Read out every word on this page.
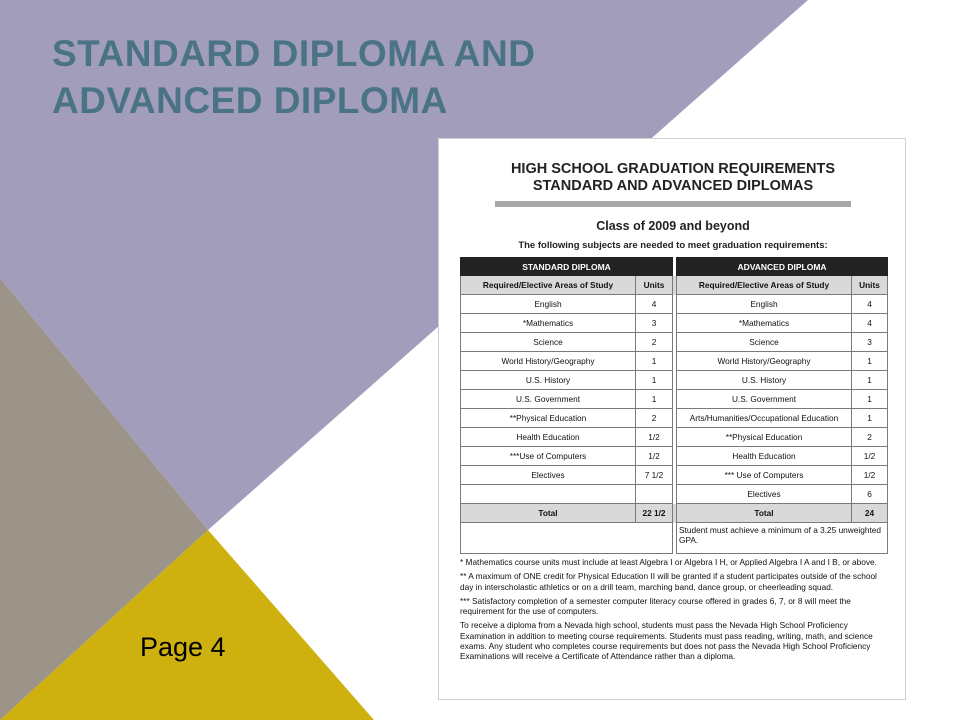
STANDARD DIPLOMA AND
ADVANCED DIPLOMA
Page 4
HIGH SCHOOL GRADUATION REQUIREMENTS
STANDARD AND ADVANCED DIPLOMAS
Class of 2009 and beyond
The following subjects are needed to meet graduation requirements:
STANDARD DIPLOMA			ADVANCED DIPLOMA	
Required/Elective Areas of Study	Units		Required/Elective Areas of Study	Units
English	4		English	4
*Mathematics	3		*Mathematics	4
Science	2		Science	3
World History/Geography	1		World History/Geography	1
U.S. History	1		U.S. History	1
U.S. Government	1		U.S. Government	1
**Physical Education	2		Arts/Humanities/Occupational Education	1
Health Education	1/2		**Physical Education	2
***Use of Computers	1/2		Health Education	1/2
Electives	7 1/2		*** Use of Computers	1/2
			Electives	6
Total	22 1/2		Total	24
			Student must achieve a minimum of a 3.25 unweighted GPA.	

* Mathematics course units must include at least Algebra I or Algebra I H, or Applied Algebra I A and I B, or above.

** A maximum of ONE credit for Physical Education II will be granted if a student participates outside of the school day in interscholastic athletics or on a drill team, marching band, dance group, or cheerleading squad.

*** Satisfactory completion of a semester computer literacy course offered in grades 6, 7, or 8 will meet the requirement for the use of computers.

To receive a diploma from a Nevada high school, students must pass the Nevada High School Proficiency Examination in addition to meeting course requirements. Students must pass reading, writing, math, and science exams. Any student who completes course requirements but does not pass the Nevada High School Proficiency Examinations will receive a Certificate of Attendance rather than a diploma.
